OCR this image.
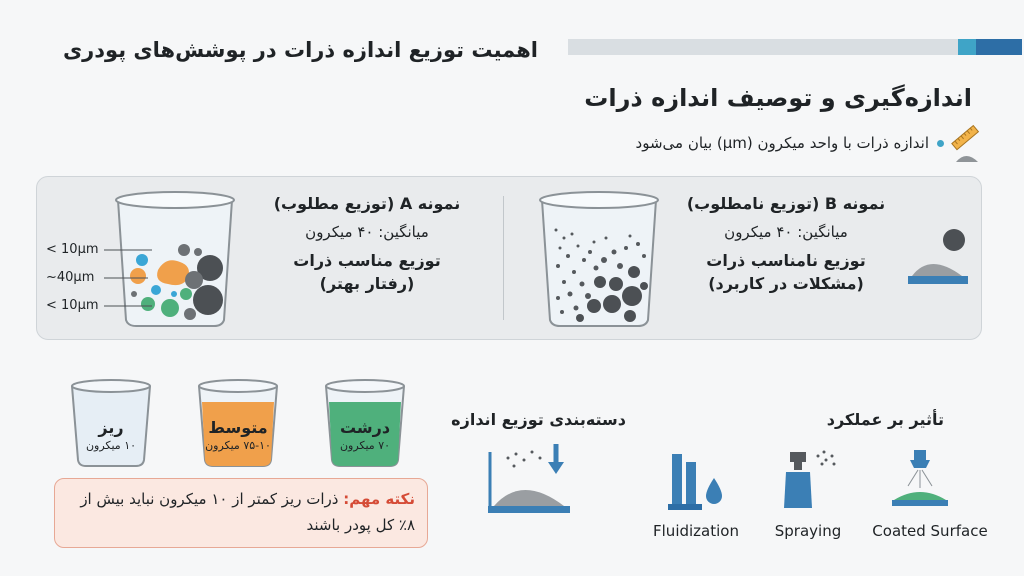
اهمیت توزیع اندازه ذرات در پوشش‌های پودری
اندازه‌گیری و توصیف اندازه ذرات
اندازه ذرات با واحد میکرون (µm) بیان می‌شود
< 10µm
~40µm
< 10µm
نمونه A (توزیع مطلوب)
میانگین: ۴۰ میکرون
توزیع مناسب ذرات
(رفتار بهتر)
نمونه B (توزیع نامطلوب)
میانگین: ۴۰ میکرون
توزیع نامناسب ذرات
(مشکلات در کاربرد)
ریز
۱۰ میکرون
متوسط
۷۵-۱۰ میکرون
درشت
۷۰ میکرون
نکته مهم: ذرات ریز کمتر از ۱۰ میکرون نباید بیش از ۸٪ کل پودر باشند
دسته‌بندی توزیع اندازه	تأثیر بر عملکرد
Fluidization	Spraying	Coated Surface
